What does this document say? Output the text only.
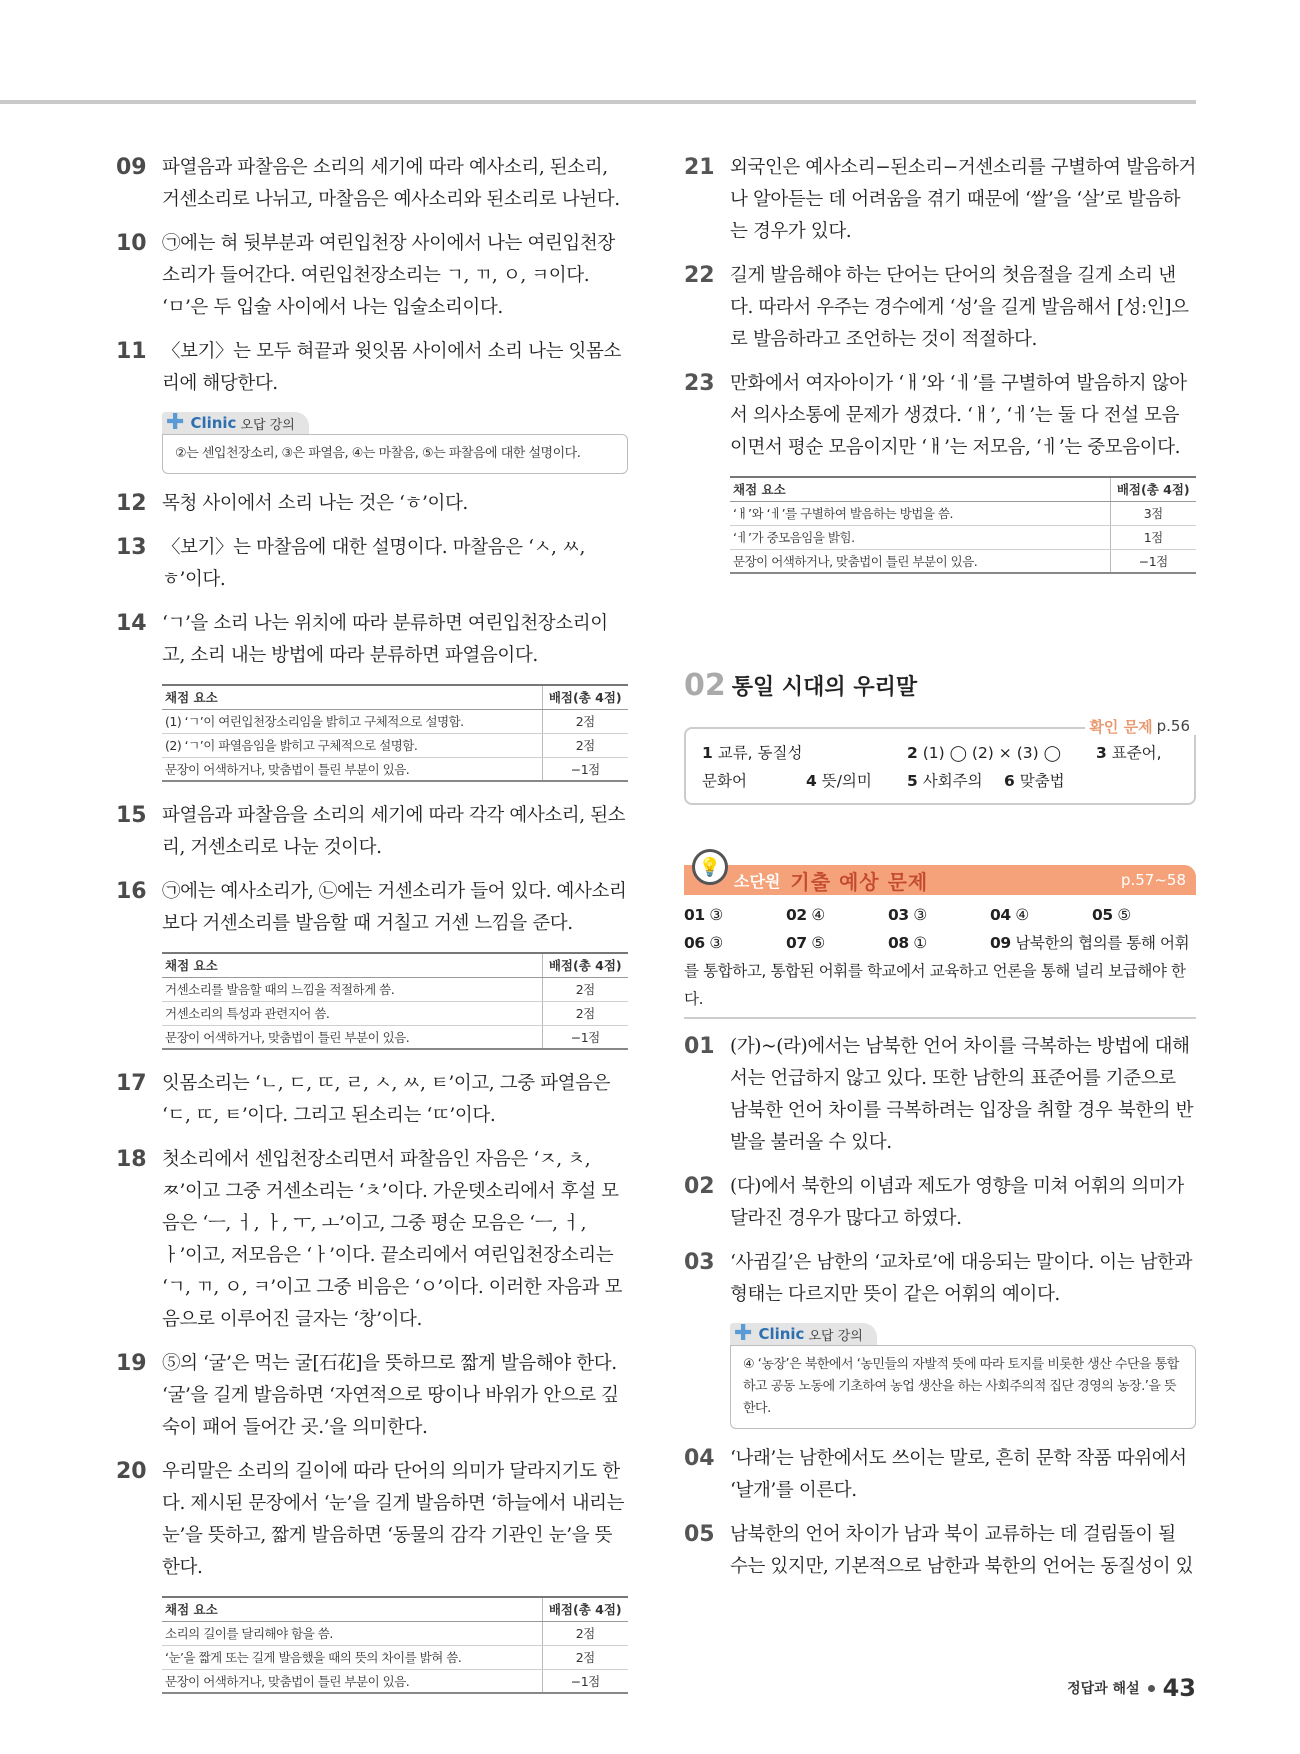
09 파열음과 파찰음은 소리의 세기에 따라 예사소리, 된소리, 거센소리로 나뉘고, 마찰음은 예사소리와 된소리로 나뉜다.
10 ㉠에는 혀 뒷부분과 여린입천장 사이에서 나는 여린입천장소리가 들어간다. 여린입천장소리는 ㄱ, ㄲ, ㅇ, ㅋ이다. ‘ㅁ’은 두 입술 사이에서 나는 입술소리이다.
11 〈보기〉는 모두 혀끝과 윗잇몸 사이에서 소리 나는 잇몸소리에 해당한다.
✚ Clinic 오답 강의
②는 센입천장소리, ③은 파열음, ④는 마찰음, ⑤는 파찰음에 대한 설명이다.
12 목청 사이에서 소리 나는 것은 ‘ㅎ’이다.
13 〈보기〉는 마찰음에 대한 설명이다. 마찰음은 ‘ㅅ, ㅆ, ㅎ’이다.
14 ‘ㄱ’을 소리 나는 위치에 따라 분류하면 여린입천장소리이고, 소리 내는 방법에 따라 분류하면 파열음이다.
채점 요소	배점(총 4점)
(1) ‘ㄱ’이 여린입천장소리임을 밝히고 구체적으로 설명함.	2점
(2) ‘ㄱ’이 파열음임을 밝히고 구체적으로 설명함.	2점
문장이 어색하거나, 맞춤법이 틀린 부분이 있음.	−1점
15 파열음과 파찰음을 소리의 세기에 따라 각각 예사소리, 된소리, 거센소리로 나눈 것이다.
16 ㉠에는 예사소리가, ㉡에는 거센소리가 들어 있다. 예사소리보다 거센소리를 발음할 때 거칠고 거센 느낌을 준다.
채점 요소	배점(총 4점)
거센소리를 발음할 때의 느낌을 적절하게 씀.	2점
거센소리의 특성과 관련지어 씀.	2점
문장이 어색하거나, 맞춤법이 틀린 부분이 있음.	−1점
17 잇몸소리는 ‘ㄴ, ㄷ, ㄸ, ㄹ, ㅅ, ㅆ, ㅌ’이고, 그중 파열음은 ‘ㄷ, ㄸ, ㅌ’이다. 그리고 된소리는 ‘ㄸ’이다.
18 첫소리에서 센입천장소리면서 파찰음인 자음은 ‘ㅈ, ㅊ, ㅉ’이고 그중 거센소리는 ‘ㅊ’이다. 가운뎃소리에서 후설 모음은 ‘ㅡ, ㅓ, ㅏ, ㅜ, ㅗ’이고, 그중 평순 모음은 ‘ㅡ, ㅓ, ㅏ’이고, 저모음은 ‘ㅏ’이다. 끝소리에서 여린입천장소리는 ‘ㄱ, ㄲ, ㅇ, ㅋ’이고 그중 비음은 ‘ㅇ’이다. 이러한 자음과 모음으로 이루어진 글자는 ‘창’이다.
19 ⑤의 ‘굴’은 먹는 굴[石花]을 뜻하므로 짧게 발음해야 한다. ‘굴’을 길게 발음하면 ‘자연적으로 땅이나 바위가 안으로 깊숙이 패어 들어간 곳.’을 의미한다.
20 우리말은 소리의 길이에 따라 단어의 의미가 달라지기도 한다. 제시된 문장에서 ‘눈’을 길게 발음하면 ‘하늘에서 내리는 눈’을 뜻하고, 짧게 발음하면 ‘동물의 감각 기관인 눈’을 뜻한다.
채점 요소	배점(총 4점)
소리의 길이를 달리해야 함을 씀.	2점
‘눈’을 짧게 또는 길게 발음했을 때의 뜻의 차이를 밝혀 씀.	2점
문장이 어색하거나, 맞춤법이 틀린 부분이 있음.	−1점
21 외국인은 예사소리−된소리−거센소리를 구별하여 발음하거나 알아듣는 데 어려움을 겪기 때문에 ‘쌀’을 ‘살’로 발음하는 경우가 있다.
22 길게 발음해야 하는 단어는 단어의 첫음절을 길게 소리 낸다. 따라서 우주는 경수에게 ‘성’을 길게 발음해서 [성ː인]으로 발음하라고 조언하는 것이 적절하다.
23 만화에서 여자아이가 ‘ㅐ’와 ‘ㅔ’를 구별하여 발음하지 않아서 의사소통에 문제가 생겼다. ‘ㅐ’, ‘ㅔ’는 둘 다 전설 모음이면서 평순 모음이지만 ‘ㅐ’는 저모음, ‘ㅔ’는 중모음이다.
채점 요소	배점(총 4점)
‘ㅐ’와 ‘ㅔ’를 구별하여 발음하는 방법을 씀.	3점
‘ㅔ’가 중모음임을 밝힘.	1점
문장이 어색하거나, 맞춤법이 틀린 부분이 있음.	−1점
02 통일 시대의 우리말
확인 문제 p.56
1 교류, 동질성	2 (1) ◯ (2) × (3) ◯ 3 표준어,
문화어	4 뜻/의미 5 사회주의 6 맞춤법
💡
소단원 기출 예상 문제	p.57~58
01 ③	02 ④	03 ③	04 ④	05 ⑤
06 ③	07 ⑤	08 ①	09 남북한의 협의를 통해 어휘

를 통합하고, 통합된 어휘를 학교에서 교육하고 언론을 통해 널리 보급해야 한다.

01 (가)~(라)에서는 남북한 언어 차이를 극복하는 방법에 대해서는 언급하지 않고 있다. 또한 남한의 표준어를 기준으로 남북한 언어 차이를 극복하려는 입장을 취할 경우 북한의 반발을 불러올 수 있다.
02 (다)에서 북한의 이념과 제도가 영향을 미쳐 어휘의 의미가 달라진 경우가 많다고 하였다.
03 ‘사귐길’은 남한의 ‘교차로’에 대응되는 말이다. 이는 남한과 형태는 다르지만 뜻이 같은 어휘의 예이다.
✚ Clinic 오답 강의
④ ‘농장’은 북한에서 ‘농민들의 자발적 뜻에 따라 토지를 비롯한 생산 수단을 통합하고 공동 노동에 기초하여 농업 생산을 하는 사회주의적 집단 경영의 농장.’을 뜻한다.
04 ‘나래’는 남한에서도 쓰이는 말로, 흔히 문학 작품 따위에서 ‘날개’를 이른다.
05 남북한의 언어 차이가 남과 북이 교류하는 데 걸림돌이 될 수는 있지만, 기본적으로 남한과 북한의 언어는 동질성이 있
정답과 해설 43
